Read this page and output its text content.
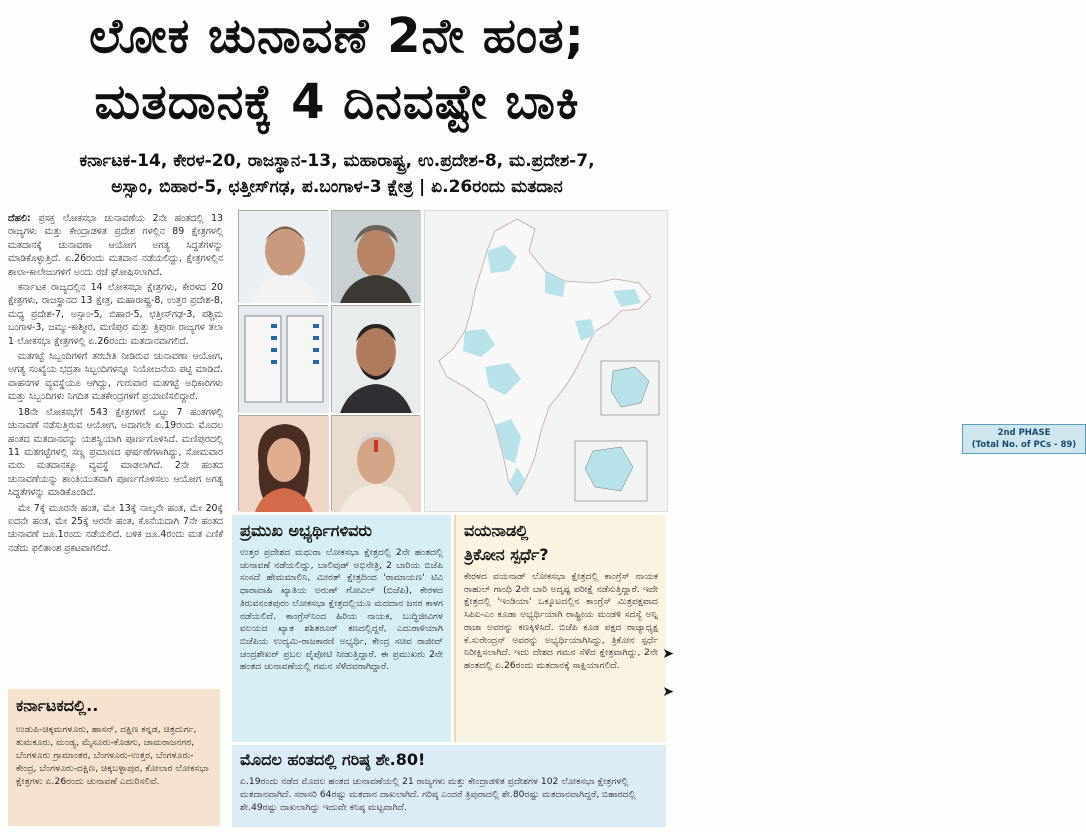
ಲೋಕ ಚುನಾವಣೆ 2ನೇ ಹಂತ;
ಮತದಾನಕ್ಕೆ 4 ದಿನವಷ್ಟೇ ಬಾಕಿ
ಕರ್ನಾಟಕ-14, ಕೇರಳ-20, ರಾಜಸ್ಥಾನ-13, ಮಹಾರಾಷ್ಟ್ರ, ಉ.ಪ್ರದೇಶ-8, ಮ.ಪ್ರದೇಶ-7,
ಅಸ್ಸಾಂ, ಬಿಹಾರ-5, ಛತ್ತೀಸ್‌ಗಢ, ಪ.ಬಂಗಾಳ-3 ಕ್ಷೇತ್ರ | ಏ.26ರಂದು ಮತದಾನ

ದೆಹಲಿ: ಪ್ರಸಕ್ತ ಲೋಕಸಭಾ ಚುನಾವಣೆಯ 2ನೇ ಹಂತದಲ್ಲಿ 13 ರಾಜ್ಯಗಳು ಮತ್ತು ಕೇಂದ್ರಾಡಳಿತ ಪ್ರದೇಶ ಗಳಲ್ಲಿನ 89 ಕ್ಷೇತ್ರಗಳಲ್ಲಿ ಮತದಾನಕ್ಕೆ ಚುನಾವಣಾ ಆಯೋಗ ಅಗತ್ಯ ಸಿದ್ಧತೆಗಳನ್ನು ಮಾಡಿಕೊಳ್ಳುತ್ತಿದೆ. ಏ.26ರಂದು ಮತದಾನ ನಡೆಯಲಿದ್ದು, ಕ್ಷೇತ್ರಗಳಲ್ಲಿನ ಶಾಲಾ-ಕಾಲೇಜುಗಳಿಗೆ ಅಂದು ರಜೆ ಘೋಷಿಸಲಾಗಿದೆ.

ಕರ್ನಾಟಕ ರಾಜ್ಯದಲ್ಲಿನ 14 ಲೋಕಸಭಾ ಕ್ಷೇತ್ರಗಳು, ಕೇರಳದ 20 ಕ್ಷೇತ್ರಗಳು, ರಾಜಸ್ಥಾನದ 13 ಕ್ಷೇತ್ರ, ಮಹಾರಾಷ್ಟ್ರ-8, ಉತ್ತರ ಪ್ರದೇಶ-8, ಮಧ್ಯ ಪ್ರದೇಶ-7, ಅಸ್ಸಾಂ-5, ಬಿಹಾರ-5, ಛತ್ತೀಸ್‌ಗಢ-3, ಪಶ್ಚಿಮ ಬಂಗಾಳ-3, ಜಮ್ಮು-ಕಾಶ್ಮೀರ, ಮಣಿಪುರ ಮತ್ತು ತ್ರಿಪುರಾ ರಾಜ್ಯಗಳ ತಲಾ 1 ಲೋಕಸಭಾ ಕ್ಷೇತ್ರಗಳಲ್ಲಿ ಏ.26ರಂದು ಮತದಾನವಾಗಲಿದೆ.

ಮತಗಟ್ಟೆ ಸಿಬ್ಬಂದಿಗಳಿಗೆ ತರಬೇತಿ ನೀಡಿರುವ ಚುನಾವಣಾ ಆಯೋಗ, ಅಗತ್ಯ ಸಂಖ್ಯೆಯ ಭದ್ರತಾ ಸಿಬ್ಬಂದಿಗಳನ್ನೂ ನಿಯೋಜನೆಯ ಪಟ್ಟಿ ಮಾಡಿದೆ. ವಾಹನಗಳ ವ್ಯವಸ್ಥೆಯೂ ಆಗಿದ್ದು, ಗುರುವಾರ ಮತಗಟ್ಟೆ ಅಧಿಕಾರಿಗಳು ಮತ್ತು ಸಿಬ್ಬಂದಿಗಳು ನಿಗದಿತ ಮತಕೇಂದ್ರಗಳಿಗೆ ಪ್ರಯಾಣಿಸಲಿದ್ದಾರೆ.

18ನೇ ಲೋಕಸಭೆಗೆ 543 ಕ್ಷೇತ್ರಗಳಿಗೆ ಒಟ್ಟು 7 ಹಂತಗಳಲ್ಲಿ ಚುನಾವಣೆ ನಡೆಸುತ್ತಿರುವ ಆಯೋಗ, ಅದಾಗಲೇ ಏ.19ರಂದು ಮೊದಲ ಹಂತದ ಮತದಾನವನ್ನು ಯಶಸ್ವಿಯಾಗಿ ಪೂರ್ಣಗೊಳಿಸಿದೆ. ಮಣಿಪುರದಲ್ಲಿ 11 ಮತಗಟ್ಟೆಗಳಲ್ಲಿ ಸಣ್ಣ ಪ್ರಮಾಣದ ಘರ್ಷಣೆಗಳಾಗಿದ್ದು, ಸೋಮವಾರ ಮರು ಮತದಾನಕ್ಕೂ ವ್ಯವಸ್ಥೆ ಮಾಡಲಾಗಿದೆ. 2ನೇ ಹಂತದ ಚುನಾವಣೆಯನ್ನು ಶಾಂತಿಯುತವಾಗಿ ಪೂರ್ಣಗೊಳಿಸಲು ಆಯೋಗ ಅಗತ್ಯ ಸಿದ್ಧತೆಗಳನ್ನು ಮಾಡಿಕೊಂಡಿದೆ.

ಮೇ 7ಕ್ಕೆ ಮೂರನೇ ಹಂತ, ಮೇ 13ಕ್ಕೆ ನಾಲ್ಕನೇ ಹಂತ, ಮೇ 20ಕ್ಕೆ ಐದನೇ ಹಂತ, ಮೇ 25ಕ್ಕೆ ಆರನೇ ಹಂತ, ಕೊನೆಯದಾಗಿ 7ನೇ ಹಂತದ ಚುನಾವಣೆ ಜೂ.1ರಂದು ನಡೆಯಲಿದೆ. ಬಳಿಕ ಜೂ.4ರಂದು ಮತ ಎಣಿಕೆ ನಡೆದು ಫಲಿತಾಂಶ ಪ್ರಕಟವಾಗಲಿದೆ.

ಕರ್ನಾಟಕದಲ್ಲಿ..
ಉಡುಪಿ-ಚಿಕ್ಕಮಗಳೂರು, ಹಾಸನ್, ದಕ್ಷಿಣ ಕನ್ನಡ, ಚಿತ್ರದುರ್ಗ, ತುಮಕೂರು, ಮಂಡ್ಯ, ಮೈಸೂರು-ಕೊಡಗು, ಚಾಮರಾಜನಗರ, ಬೆಂಗಳೂರು ಗ್ರಾಮಾಂತರ, ಬೆಂಗಳೂರು-ಉತ್ತರ, ಬೆಂಗಳೂರು-ಕೇಂದ್ರ, ಬೆಂಗಳೂರು-ದಕ್ಷಿಣ, ಚಿಕ್ಕಬಳ್ಳಾಪುರ, ಕೋಲಾರ ಲೋಕಸಭಾ ಕ್ಷೇತ್ರಗಳು ಏ.26ರಂದು ಚುನಾವಣೆ ಎದುರಿಸಲಿವೆ.
2nd PHASE
(Total No. of PCs - 89)
ಪ್ರಮುಖ ಅಭ್ಯರ್ಥಿಗಳಿವರು
ಉತ್ತರ ಪ್ರದೇಶದ ಮಥುರಾ ಲೋಕಸಭಾ ಕ್ಷೇತ್ರದಲ್ಲಿ 2ನೇ ಹಂತದಲ್ಲಿ ಚುನಾವಣೆ ನಡೆಯಲಿದ್ದು, ಬಾಲಿವುಡ್ ಅಭಿನೇತ್ರಿ, 2 ಬಾರಿಯ ಬಿಜೆಪಿ ಸಂಸದೆ ಹೇಮಮಾಲಿನಿ, ಮೀರತ್ ಕ್ಷೇತ್ರದಿಂದ 'ರಾಮಾಯಣ' ಟಿವಿ ಧಾರಾವಾಹಿ ಖ್ಯಾತಿಯ ಅರುಣ್ ಗೋವಿಲ್ (ಬಿಜೆಪಿ), ಕೇರಳದ ತಿರುವನಂತಪುರಂ ಲೋಕಸಭಾ ಕ್ಷೇತ್ರದಲ್ಲಿಯೂ ಮದದಾನ ಜನರ ಕಾಳಗ ನಡೆಯಲಿದೆ. ಕಾಂಗ್ರೆಸ್‌ನಿಂದ ಹಿರಿಯ ನಾಯಕ, ಬುದ್ಧಿಜೀವಿಗಳ ವಲಯದ ಖ್ಯಾತ ಶಶಿತರೂರ್ ಕಣದಲ್ಲಿದ್ದರೆ, ಎದುರಾಳಿಯಾಗಿ ಬಿಜೆಪಿಯ ಉದ್ಯಮಿ-ರಾಜಕಾರಣಿ ಅಭ್ಯರ್ಥಿ, ಕೇಂದ್ರ ಸಚಿವ ರಾಜೀವ್ ಚಂದ್ರಶೇಖರ್ ಪ್ರಬಲ ಪೈಪೋಟಿ ನೀಡುತ್ತಿದ್ದಾರೆ. ಈ ಪ್ರಮುಖರು 2ನೇ ಹಂತದ ಚುನಾವಣೆಯಲ್ಲಿ ಗಮನ ಸೆಳೆದವರಾಗಿದ್ದಾರೆ.
ವಯನಾಡಲ್ಲಿ
ತ್ರಿಕೋನ ಸ್ಪರ್ಧೆ?
ಕೇರಳದ ವಯನಾಡ್ ಲೋಕಸಭಾ ಕ್ಷೇತ್ರದಲ್ಲಿ ಕಾಂಗ್ರೆಸ್ ನಾಯಕ ರಾಹುಲ್ ಗಾಂಧಿ 2ನೇ ಬಾರಿ ಅದೃಷ್ಟ ಪರೀಕ್ಷೆ ನಡೆಸುತ್ತಿದ್ದಾರೆ. ಇದೇ ಕ್ಷೇತ್ರದಲ್ಲಿ 'ಇಂಡಿಯಾ' ಒಕ್ಕೂಟದಲ್ಲಿನ ಕಾಂಗ್ರೆಸ್ ಮಿತ್ರಪಕ್ಷವಾದ ಸಿಪಿಐ-ಎಂ ಕೂಡಾ ಅಭ್ಯರ್ಥಿಯಾಗಿ ರಾಷ್ಟ್ರೀಯ ಮಂಡಳಿ ಸದಸ್ಯೆ ಅನ್ನಿ ರಾಜಾ ಅವರನ್ನು ಕಣಕ್ಕಿಳಿಸಿದೆ. ಬಿಜೆಪಿ ಕೂಡ ಪಕ್ಷದ ರಾಜ್ಯಾಧ್ಯಕ್ಷ ಕೆ.ಸುರೇಂದ್ರನ್ ಅವರನ್ನು ಅಭ್ಯರ್ಥಿಯಾಗಿಸಿದ್ದು, ತ್ರಿಕೋನ ಸ್ಪರ್ಧೆ ನಿರೀಕ್ಷಿಸಲಾಗಿದೆ. ಇದು ದೇಶದ ಗಮನ ಸೆಳೆದ ಕ್ಷೇತ್ರವಾಗಿದ್ದು, 2ನೇ ಹಂತದಲ್ಲಿ ಏ.26ರಂದು ಮತದಾನಕ್ಕೆ ಸಾಕ್ಷಿಯಾಗಲಿದೆ.
ಮೊದಲ ಹಂತದಲ್ಲಿ ಗರಿಷ್ಠ ಶೇ.80!
ಏ.19ರಂದು ನಡೆದ ಮೊದಲ ಹಂತದ ಚುನಾವಣೆಯಲ್ಲಿ 21 ರಾಜ್ಯಗಳು ಮತ್ತು ಕೇಂದ್ರಾಡಳಿತ ಪ್ರದೇಶಗಳ 102 ಲೋಕಸಭಾ ಕ್ಷೇತ್ರಗಳಲ್ಲಿ ಮತದಾನವಾಗಿದೆ. ಸರಾಸರಿ 64ರಷ್ಟು ಮತದಾನ ದಾಖಲಾಗಿದೆ. ಗರಿಷ್ಠ ಎಂದರೆ ತ್ರಿಪುರಾದಲ್ಲಿ ಶೇ.80ರಷ್ಟು ಮತದಾನವಾಗಿದ್ದರೆ, ಬಿಹಾರದಲ್ಲಿ ಶೇ.49ರಷ್ಟು ದಾಖಲಾಗಿದ್ದು ಇದುವೇ ಕನಿಷ್ಠ ಮಟ್ಟವಾಗಿದೆ.
➤
➤
